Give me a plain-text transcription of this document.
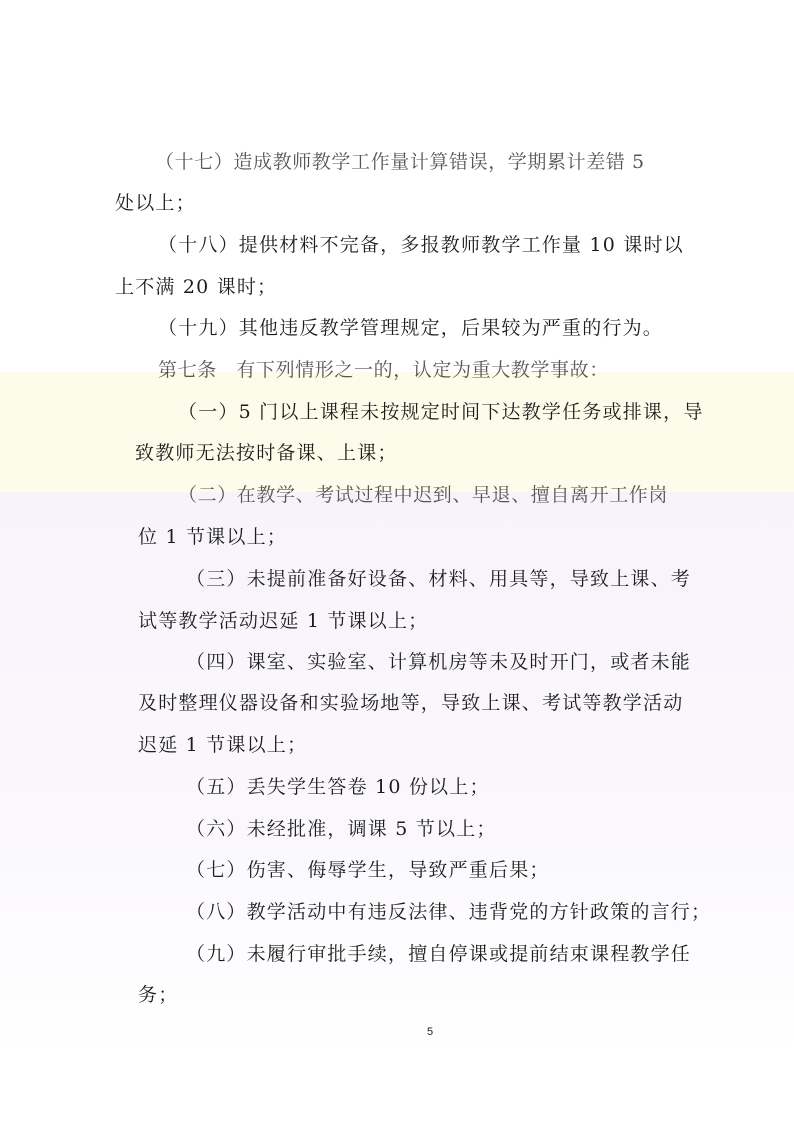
（十七）造成教师教学工作量计算错误，学期累计差错 5
处以上；
（十八）提供材料不完备，多报教师教学工作量 10 课时以
上不满 20 课时；
（十九）其他违反教学管理规定，后果较为严重的行为。
第七条　有下列情形之一的，认定为重大教学事故：
（一）5 门以上课程未按规定时间下达教学任务或排课，导
致教师无法按时备课、上课；
（二）在教学、考试过程中迟到、早退、擅自离开工作岗
位 1 节课以上；
（三）未提前准备好设备、材料、用具等，导致上课、考
试等教学活动迟延 1 节课以上；
（四）课室、实验室、计算机房等未及时开门，或者未能
及时整理仪器设备和实验场地等，导致上课、考试等教学活动
迟延 1 节课以上；
（五）丢失学生答卷 10 份以上；
（六）未经批准，调课 5 节以上；
（七）伤害、侮辱学生，导致严重后果；
（八）教学活动中有违反法律、违背党的方针政策的言行；
（九）未履行审批手续，擅自停课或提前结束课程教学任
务；
5
